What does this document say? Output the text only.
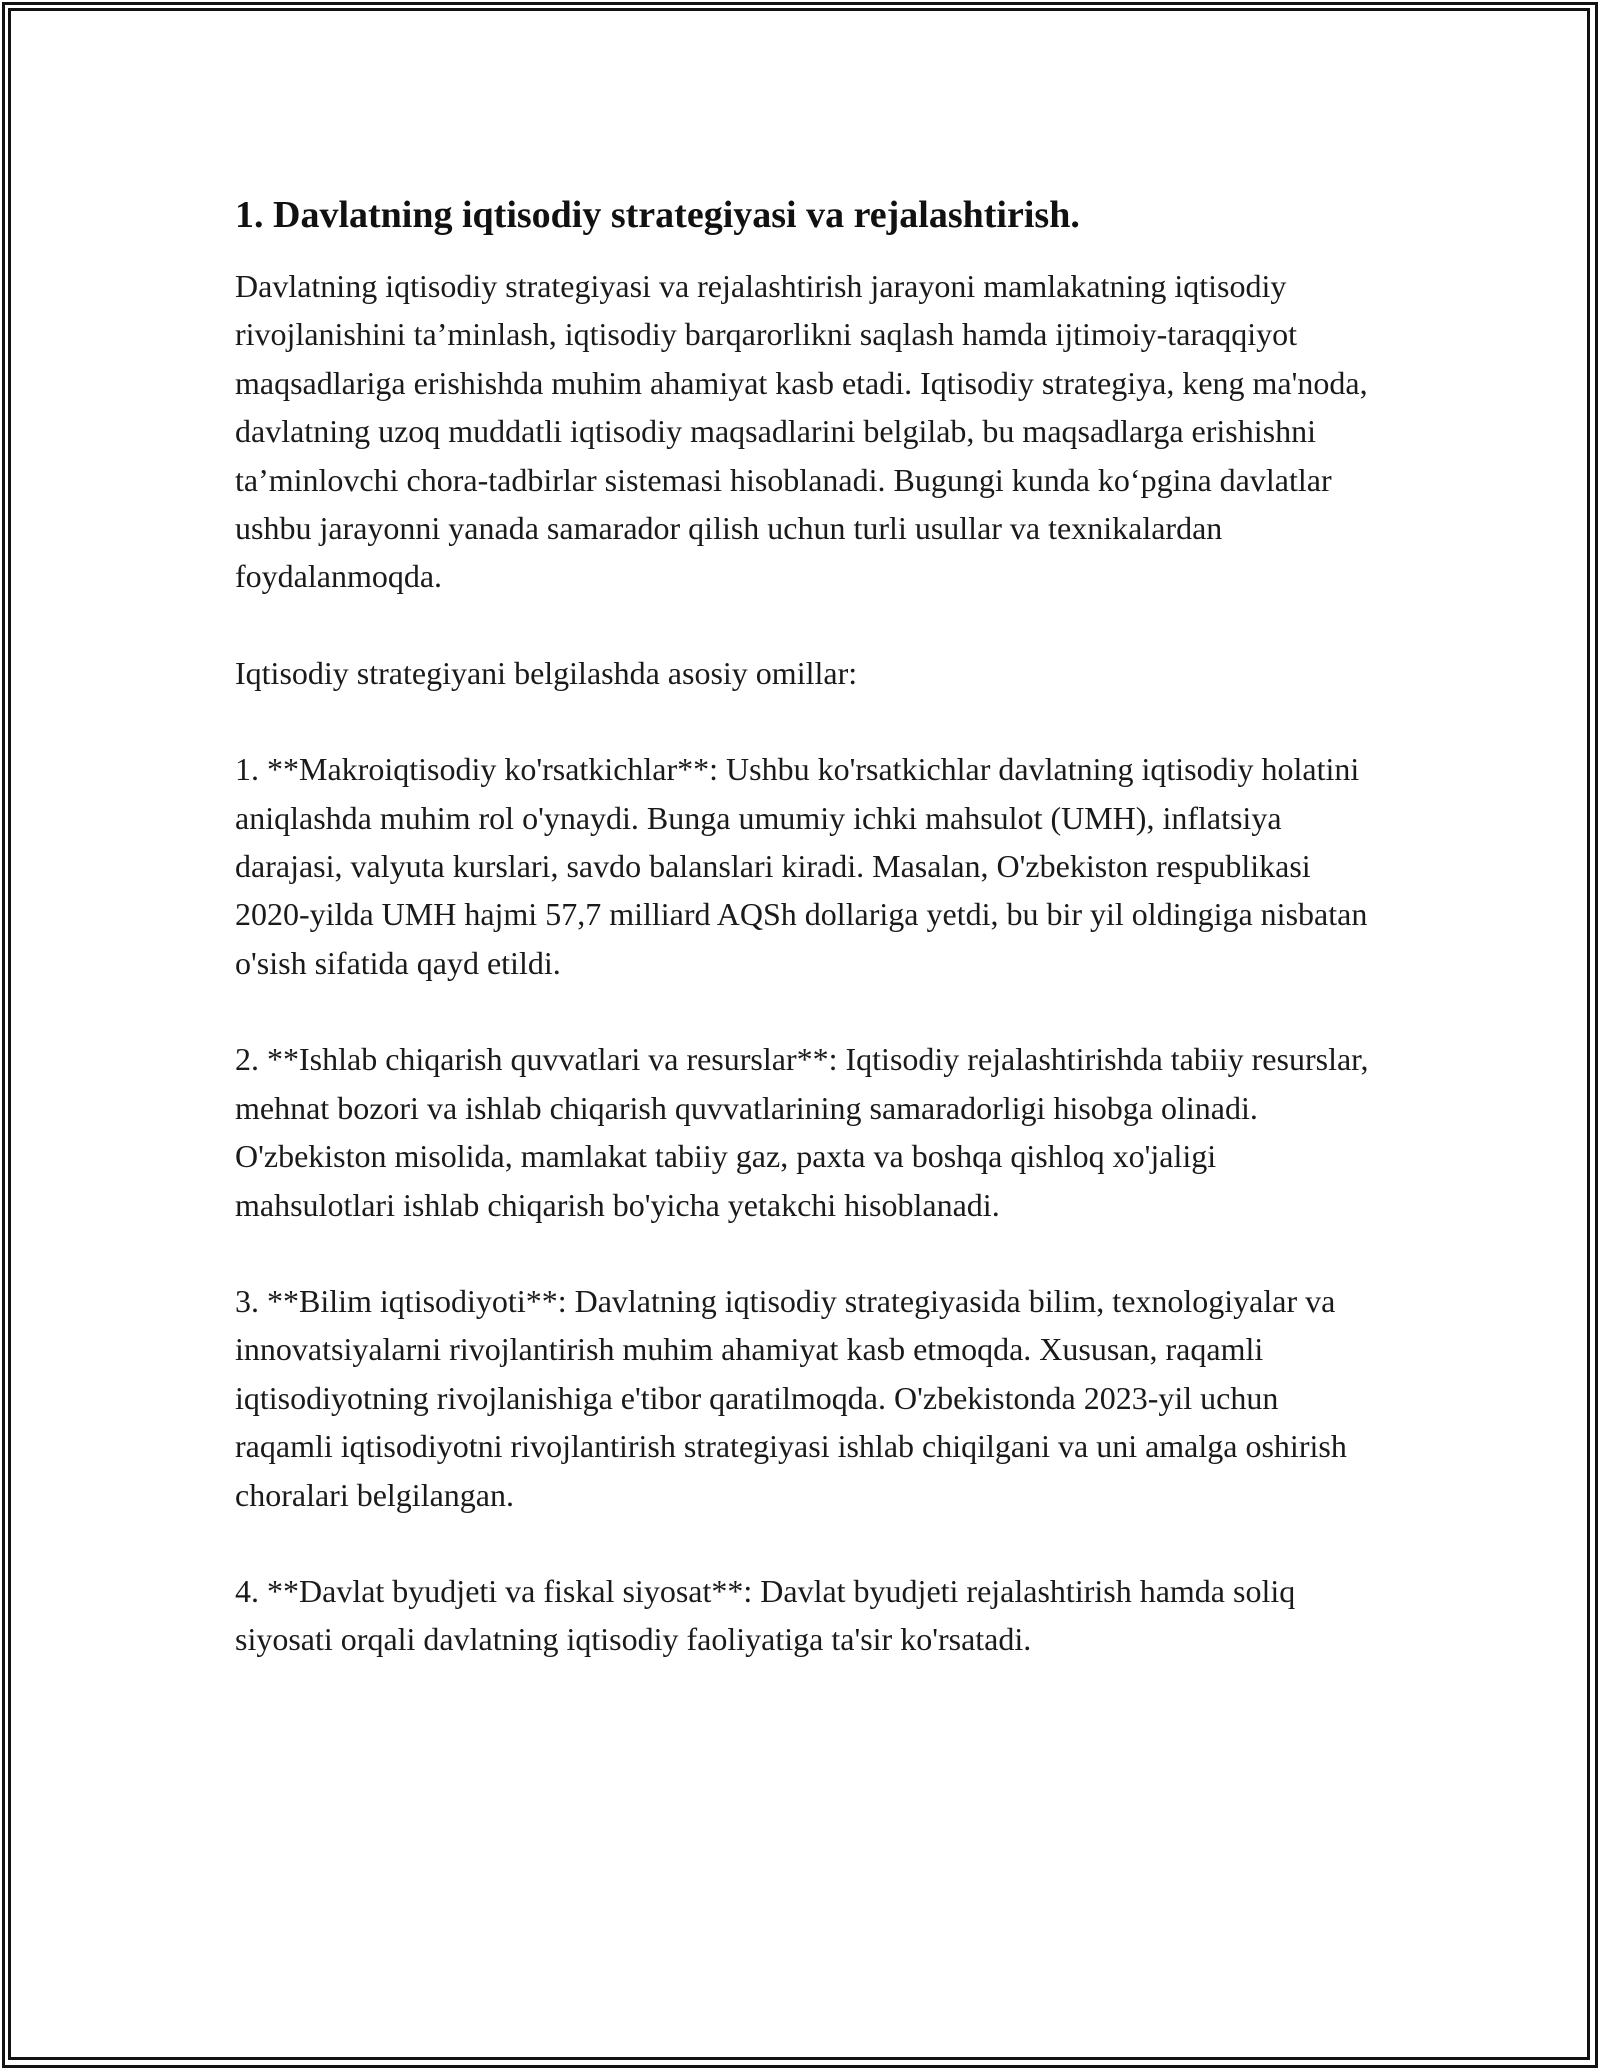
1. Davlatning iqtisodiy strategiyasi va rejalashtirish.

Davlatning iqtisodiy strategiyasi va rejalashtirish jarayoni mamlakatning iqtisodiy rivojlanishini ta’minlash, iqtisodiy barqarorlikni saqlash hamda ijtimoiy-taraqqiyot maqsadlariga erishishda muhim ahamiyat kasb etadi. Iqtisodiy strategiya, keng ma'noda, davlatning uzoq muddatli iqtisodiy maqsadlarini belgilab, bu maqsadlarga erishishni ta’minlovchi chora-tadbirlar sistemasi hisoblanadi. Bugungi kunda ko‘pgina davlatlar ushbu jarayonni yanada samarador qilish uchun turli usullar va texnikalardan foydalanmoqda.

Iqtisodiy strategiyani belgilashda asosiy omillar:

1. **Makroiqtisodiy ko'rsatkichlar**: Ushbu ko'rsatkichlar davlatning iqtisodiy holatini aniqlashda muhim rol o'ynaydi. Bunga umumiy ichki mahsulot (UMH), inflatsiya darajasi, valyuta kurslari, savdo balanslari kiradi. Masalan, O'zbekiston respublikasi 2020-yilda UMH hajmi 57,7 milliard AQSh dollariga yetdi, bu bir yil oldingiga nisbatan o'sish sifatida qayd etildi.

2. **Ishlab chiqarish quvvatlari va resurslar**: Iqtisodiy rejalashtirishda tabiiy resurslar, mehnat bozori va ishlab chiqarish quvvatlarining samaradorligi hisobga olinadi. O'zbekiston misolida, mamlakat tabiiy gaz, paxta va boshqa qishloq xo'jaligi mahsulotlari ishlab chiqarish bo'yicha yetakchi hisoblanadi.

3. **Bilim iqtisodiyoti**: Davlatning iqtisodiy strategiyasida bilim, texnologiyalar va innovatsiyalarni rivojlantirish muhim ahamiyat kasb etmoqda. Xususan, raqamli iqtisodiyotning rivojlanishiga e'tibor qaratilmoqda. O'zbekistonda 2023-yil uchun raqamli iqtisodiyotni rivojlantirish strategiyasi ishlab chiqilgani va uni amalga oshirish choralari belgilangan.

4. **Davlat byudjeti va fiskal siyosat**: Davlat byudjeti rejalashtirish hamda soliq siyosati orqali davlatning iqtisodiy faoliyatiga ta'sir ko'rsatadi.
